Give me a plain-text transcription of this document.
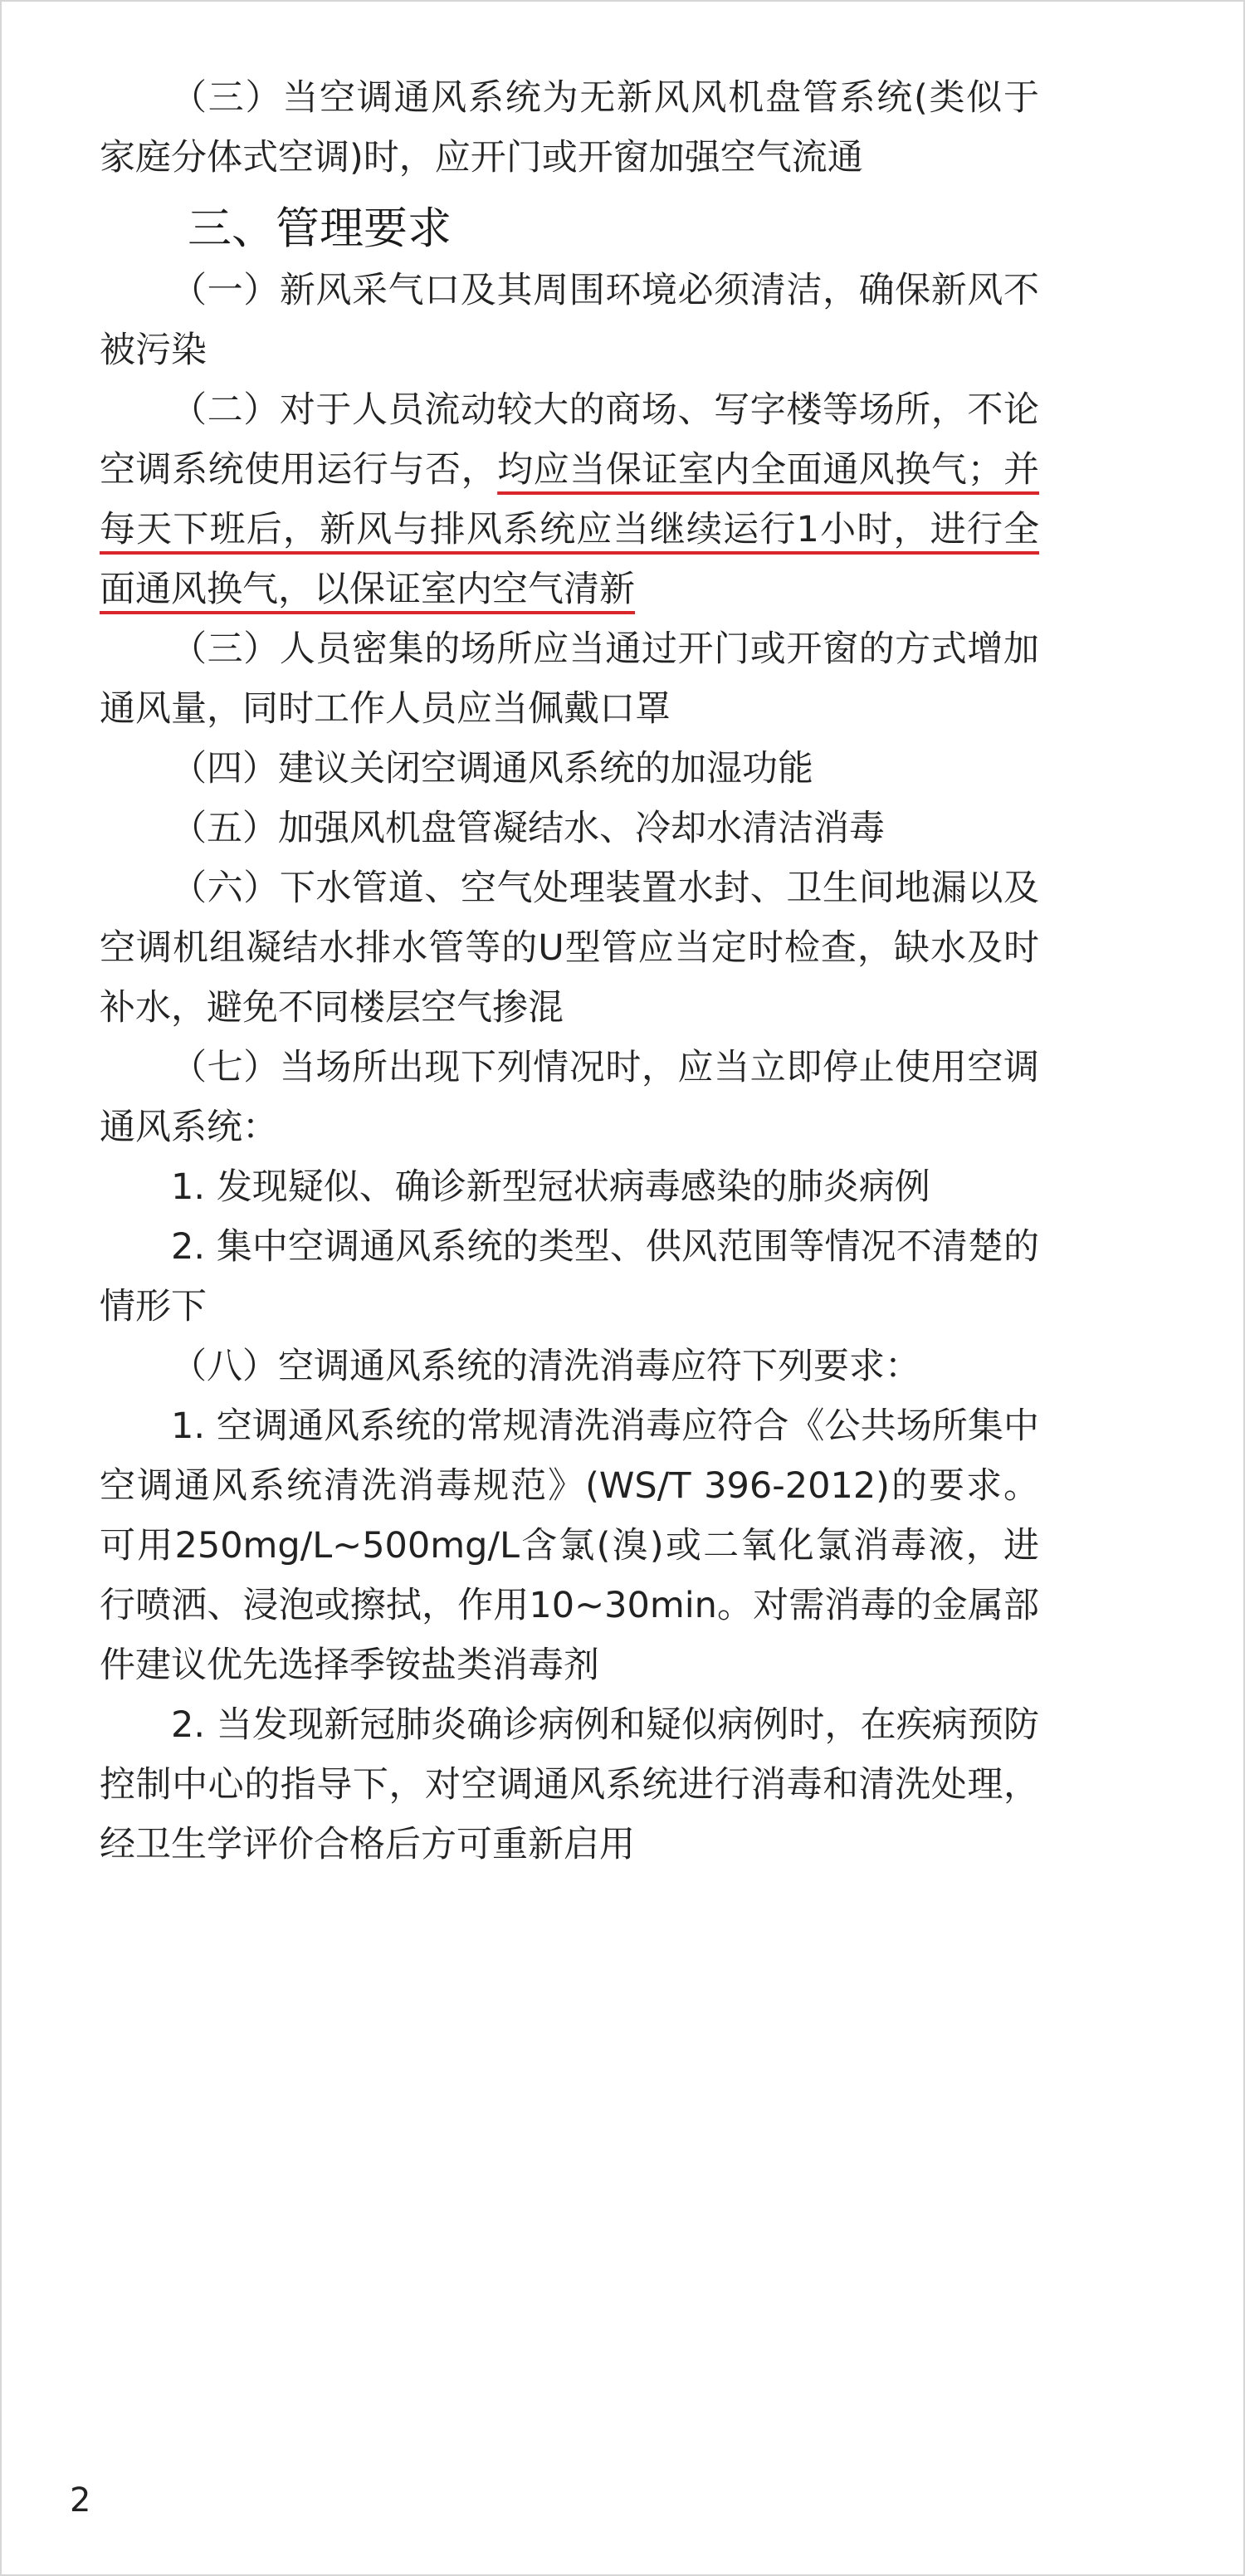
（三）当空调通风系统为无新风风机盘管系统(类似于家庭分体式空调)时，应开门或开窗加强空气流通

三、管理要求

（一）新风采气口及其周围环境必须清洁，确保新风不被污染

（二）对于人员流动较大的商场、写字楼等场所，不论空调系统使用运行与否，均应当保证室内全面通风换气；并每天下班后，新风与排风系统应当继续运行1小时，进行全面通风换气，以保证室内空气清新

（三）人员密集的场所应当通过开门或开窗的方式增加通风量，同时工作人员应当佩戴口罩

（四）建议关闭空调通风系统的加湿功能

（五）加强风机盘管凝结水、冷却水清洁消毒

（六）下水管道、空气处理装置水封、卫生间地漏以及空调机组凝结水排水管等的U型管应当定时检查，缺水及时补水，避免不同楼层空气掺混

（七）当场所出现下列情况时，应当立即停止使用空调通风系统：

1. 发现疑似、确诊新型冠状病毒感染的肺炎病例

2. 集中空调通风系统的类型、供风范围等情况不清楚的情形下

（八）空调通风系统的清洗消毒应符下列要求：

1. 空调通风系统的常规清洗消毒应符合《公共场所集中空调通风系统清洗消毒规范》(WS/T 396-2012)的要求。可用250mg/L~500mg/L含氯(溴)或二氧化氯消毒液，进行喷洒、浸泡或擦拭，作用10~30min。对需消毒的金属部件建议优先选择季铵盐类消毒剂

2. 当发现新冠肺炎确诊病例和疑似病例时，在疾病预防控制中心的指导下，对空调通风系统进行消毒和清洗处理，经卫生学评价合格后方可重新启用

2
